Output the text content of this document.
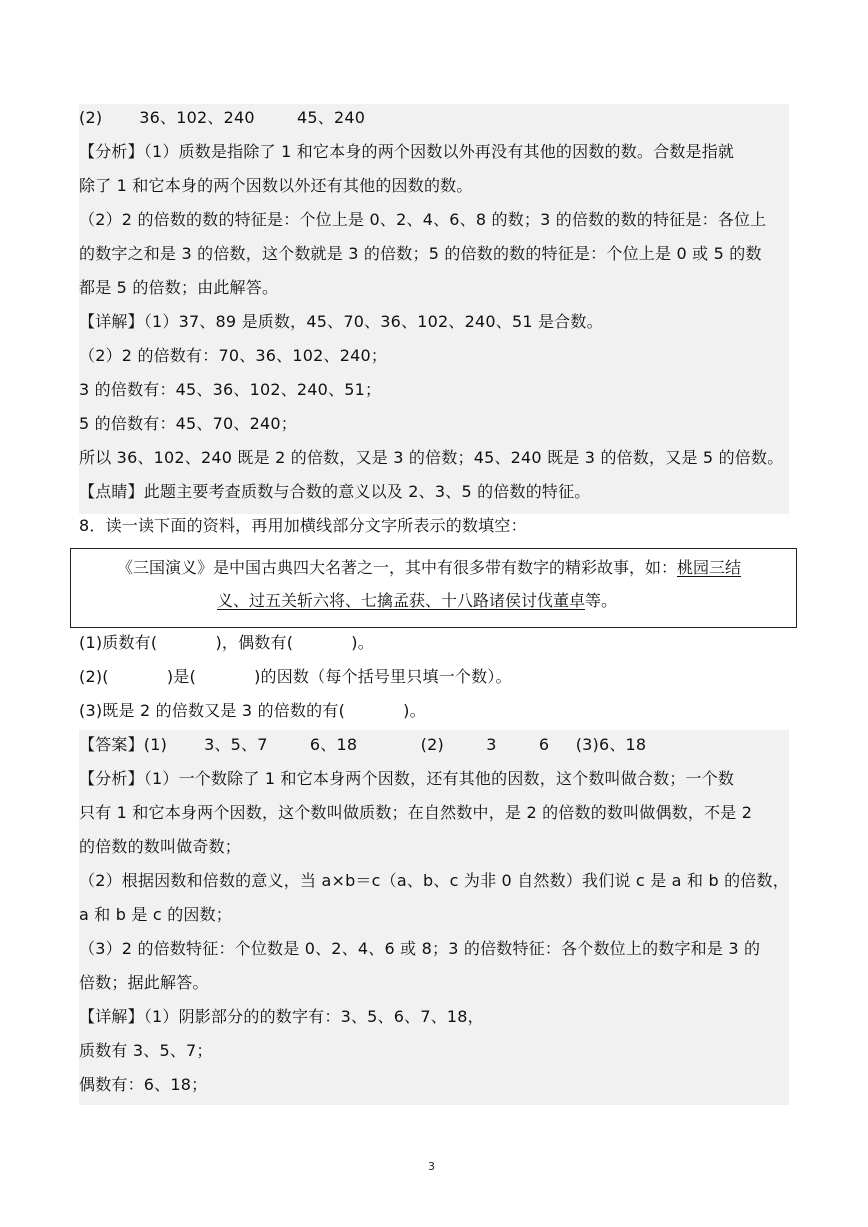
(2)       36、102、240        45、240
【分析】（1）质数是指除了 1 和它本身的两个因数以外再没有其他的因数的数。合数是指就
除了 1 和它本身的两个因数以外还有其他的因数的数。
（2）2 的倍数的数的特征是：个位上是 0、2、4、6、8 的数；3 的倍数的数的特征是：各位上
的数字之和是 3 的倍数，这个数就是 3 的倍数；5 的倍数的数的特征是：个位上是 0 或 5 的数
都是 5 的倍数；由此解答。
【详解】（1）37、89 是质数，45、70、36、102、240、51 是合数。
（2）2 的倍数有：70、36、102、240；
3 的倍数有：45、36、102、240、51；
5 的倍数有：45、70、240；
所以 36、102、240 既是 2 的倍数，又是 3 的倍数；45、240 既是 3 的倍数，又是 5 的倍数。
【点睛】此题主要考查质数与合数的意义以及 2、3、5 的倍数的特征。
8．读一读下面的资料，再用加横线部分文字所表示的数填空：
《三国演义》是中国古典四大名著之一，其中有很多带有数字的精彩故事，如：桃园三结
义、过五关斩六将、七擒孟获、十八路诸侯讨伐董卓等。
(1)质数有(           )，偶数有(           )。
(2)(           )是(           )的因数（每个括号里只填一个数）。
(3)既是 2 的倍数又是 3 的倍数的有(           )。
【答案】(1)       3、5、7        6、18            (2)        3        6     (3)6、18
【分析】（1）一个数除了 1 和它本身两个因数，还有其他的因数，这个数叫做合数；一个数
只有 1 和它本身两个因数，这个数叫做质数；在自然数中，是 2 的倍数的数叫做偶数，不是 2
的倍数的数叫做奇数；
（2）根据因数和倍数的意义，当 a×b＝c（a、b、c 为非 0 自然数）我们说 c 是 a 和 b 的倍数，
a 和 b 是 c 的因数；
（3）2 的倍数特征：个位数是 0、2、4、6 或 8；3 的倍数特征：各个数位上的数字和是 3 的
倍数；据此解答。
【详解】（1）阴影部分的的数字有：3、5、6、7、18，
质数有 3、5、7；
偶数有：6、18；
3
